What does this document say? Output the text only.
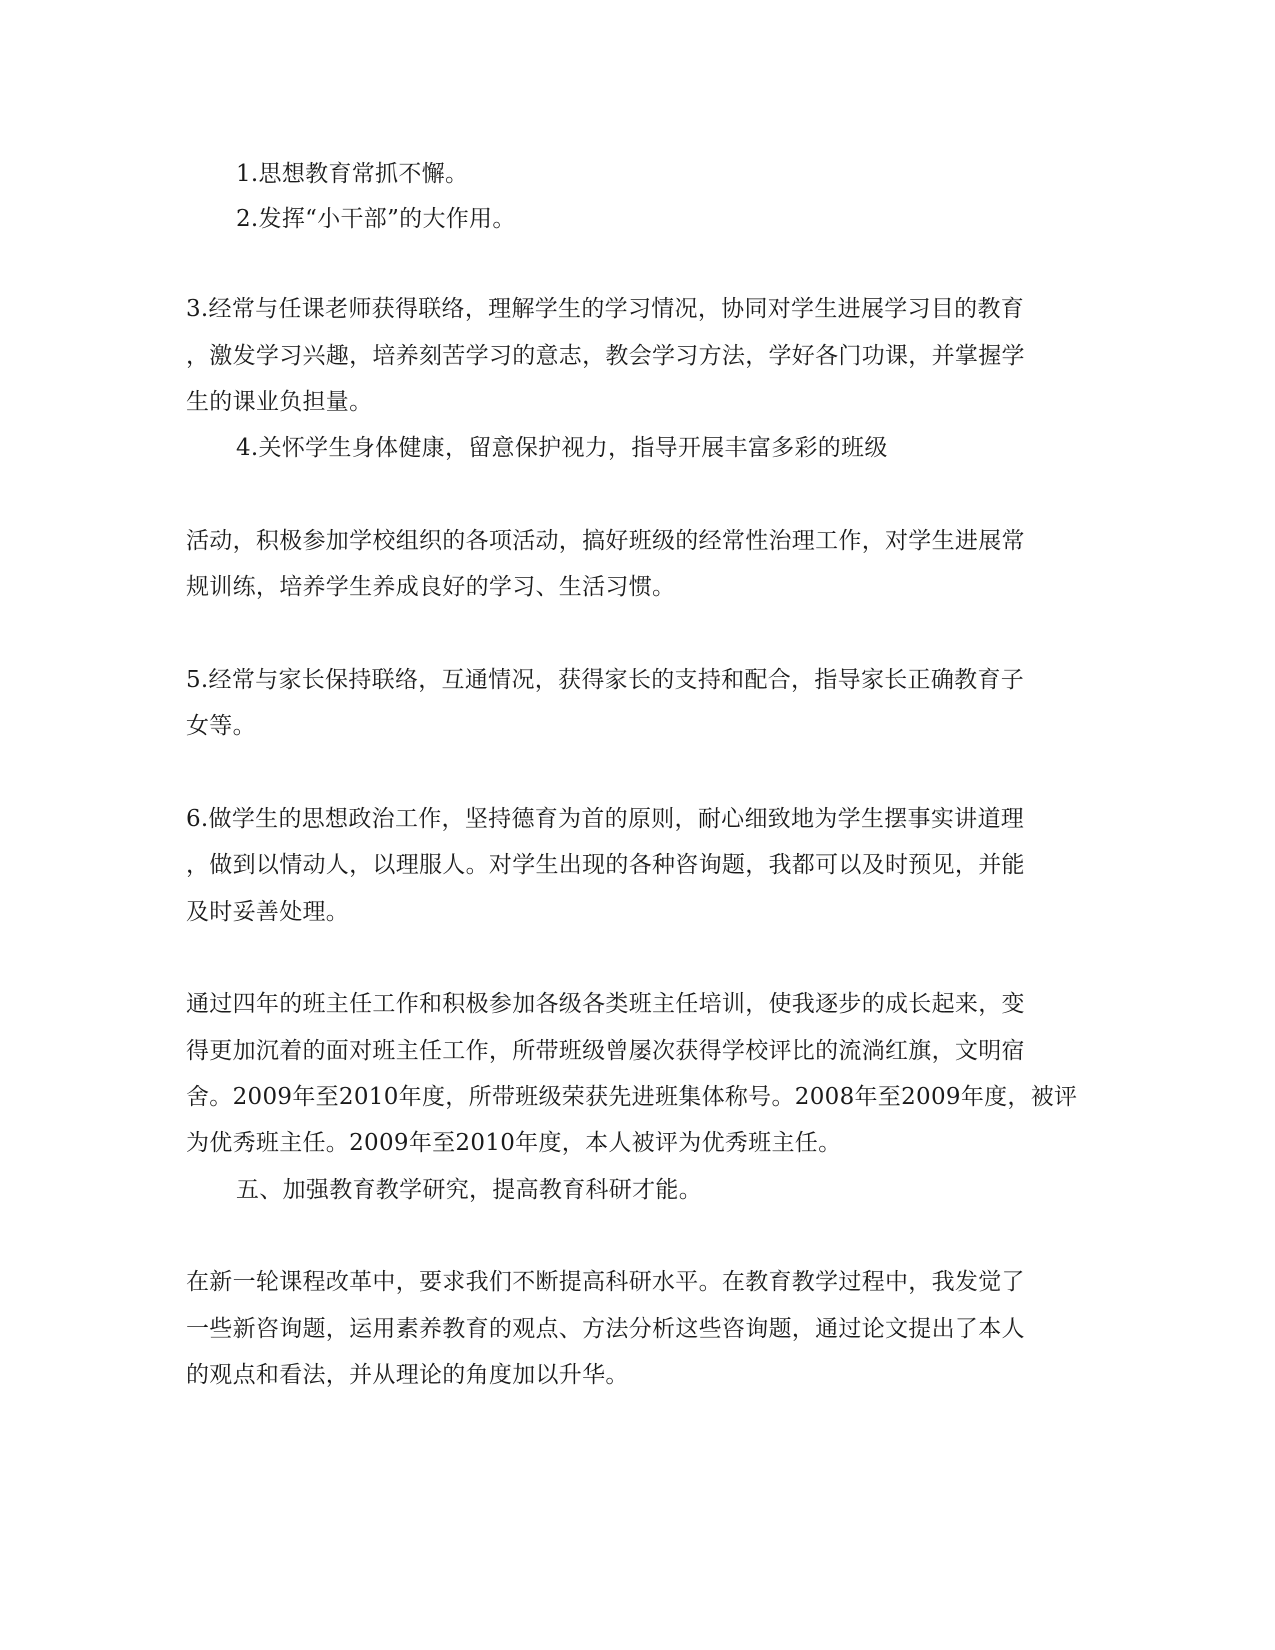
1.思想教育常抓不懈。

2.发挥“小干部”的大作用。

3.经常与任课老师获得联络，理解学生的学习情况，协同对学生进展学习目的教育

，激发学习兴趣，培养刻苦学习的意志，教会学习方法，学好各门功课，并掌握学

生的课业负担量。

4.关怀学生身体健康，留意保护视力，指导开展丰富多彩的班级

活动，积极参加学校组织的各项活动，搞好班级的经常性治理工作，对学生进展常

规训练，培养学生养成良好的学习、生活习惯。

5.经常与家长保持联络，互通情况，获得家长的支持和配合，指导家长正确教育子

女等。

6.做学生的思想政治工作，坚持德育为首的原则，耐心细致地为学生摆事实讲道理

，做到以情动人，以理服人。对学生出现的各种咨询题，我都可以及时预见，并能

及时妥善处理。

通过四年的班主任工作和积极参加各级各类班主任培训，使我逐步的成长起来，变

得更加沉着的面对班主任工作，所带班级曾屡次获得学校评比的流淌红旗，文明宿

舍。2009年至2010年度，所带班级荣获先进班集体称号。2008年至2009年度，被评

为优秀班主任。2009年至2010年度，本人被评为优秀班主任。

五、加强教育教学研究，提高教育科研才能。

在新一轮课程改革中，要求我们不断提高科研水平。在教育教学过程中，我发觉了

一些新咨询题，运用素养教育的观点、方法分析这些咨询题，通过论文提出了本人

的观点和看法，并从理论的角度加以升华。
